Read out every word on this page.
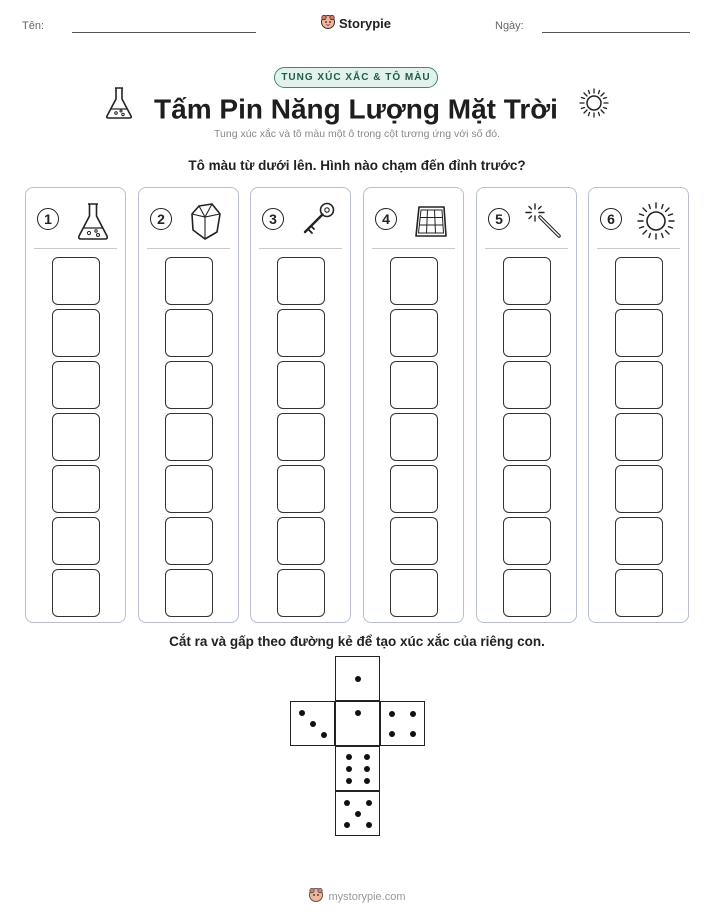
Tên:	Storypie	Ngày:
TUNG XÚC XẮC & TÔ MÀU
Tấm Pin Năng Lượng Mặt Trời
Tung xúc xắc và tô màu một ô trong cột tương ứng với số đó.
Tô màu từ dưới lên. Hình nào chạm đến đỉnh trước?
1	2	3	4	5	6
Cắt ra và gấp theo đường kẻ để tạo xúc xắc của riêng con.
mystorypie.com
